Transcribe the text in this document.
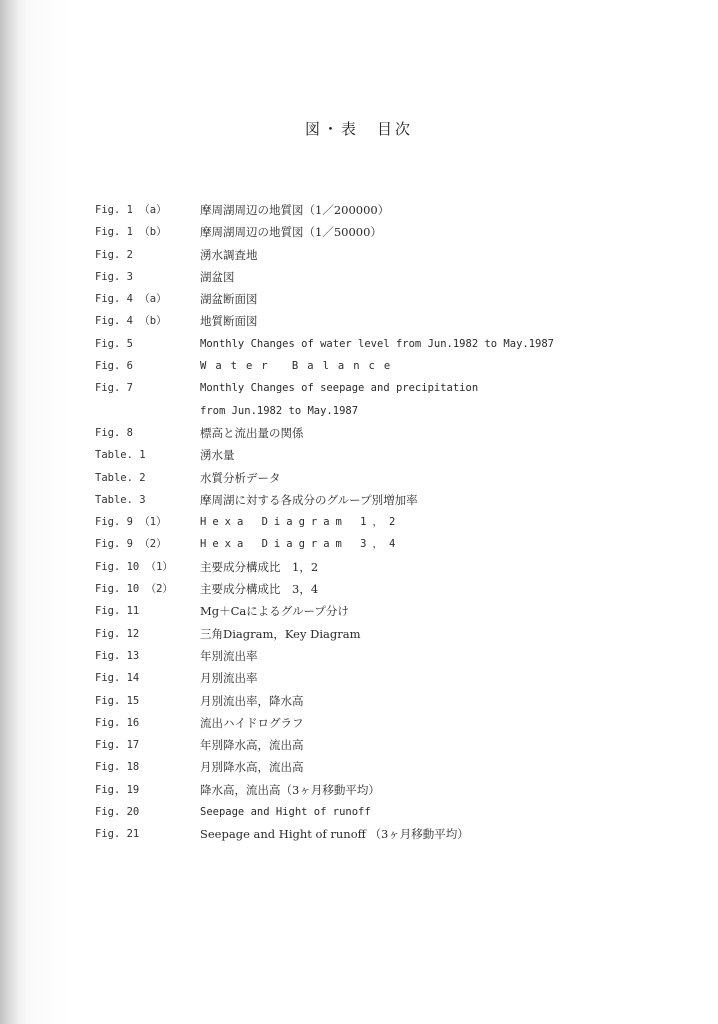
図・表　目次
Fig. 1 （a）	摩周湖周辺の地質図（1／200000）
Fig. 1 （b）	摩周湖周辺の地質図（1／50000）
Fig. 2	湧水調査地
Fig. 3	湖盆図
Fig. 4 （a）	湖盆断面図
Fig. 4 （b）	地質断面図
Fig. 5	Monthly Changes of water level from Jun.1982 to May.1987
Fig. 6	Water Balance
Fig. 7	Monthly Changes of seepage and precipitation
from Jun.1982 to May.1987
Fig. 8	標高と流出量の関係
Table. 1	湧水量
Table. 2	水質分析データ
Table. 3	摩周湖に対する各成分のグループ別増加率
Fig. 9 （1）	Hexa Diagram 1，2
Fig. 9 （2）	Hexa Diagram 3，4
Fig. 10 （1）	主要成分構成比　1，2
Fig. 10 （2）	主要成分構成比　3，4
Fig. 11	Mg＋Caによるグループ分け
Fig. 12	三角Diagram，Key Diagram
Fig. 13	年別流出率
Fig. 14	月別流出率
Fig. 15	月別流出率，降水高
Fig. 16	流出ハイドログラフ
Fig. 17	年別降水高，流出高
Fig. 18	月別降水高，流出高
Fig. 19	降水高，流出高（3ヶ月移動平均）
Fig. 20	Seepage and Hight of runoff
Fig. 21	Seepage and Hight of runoff （3ヶ月移動平均）
